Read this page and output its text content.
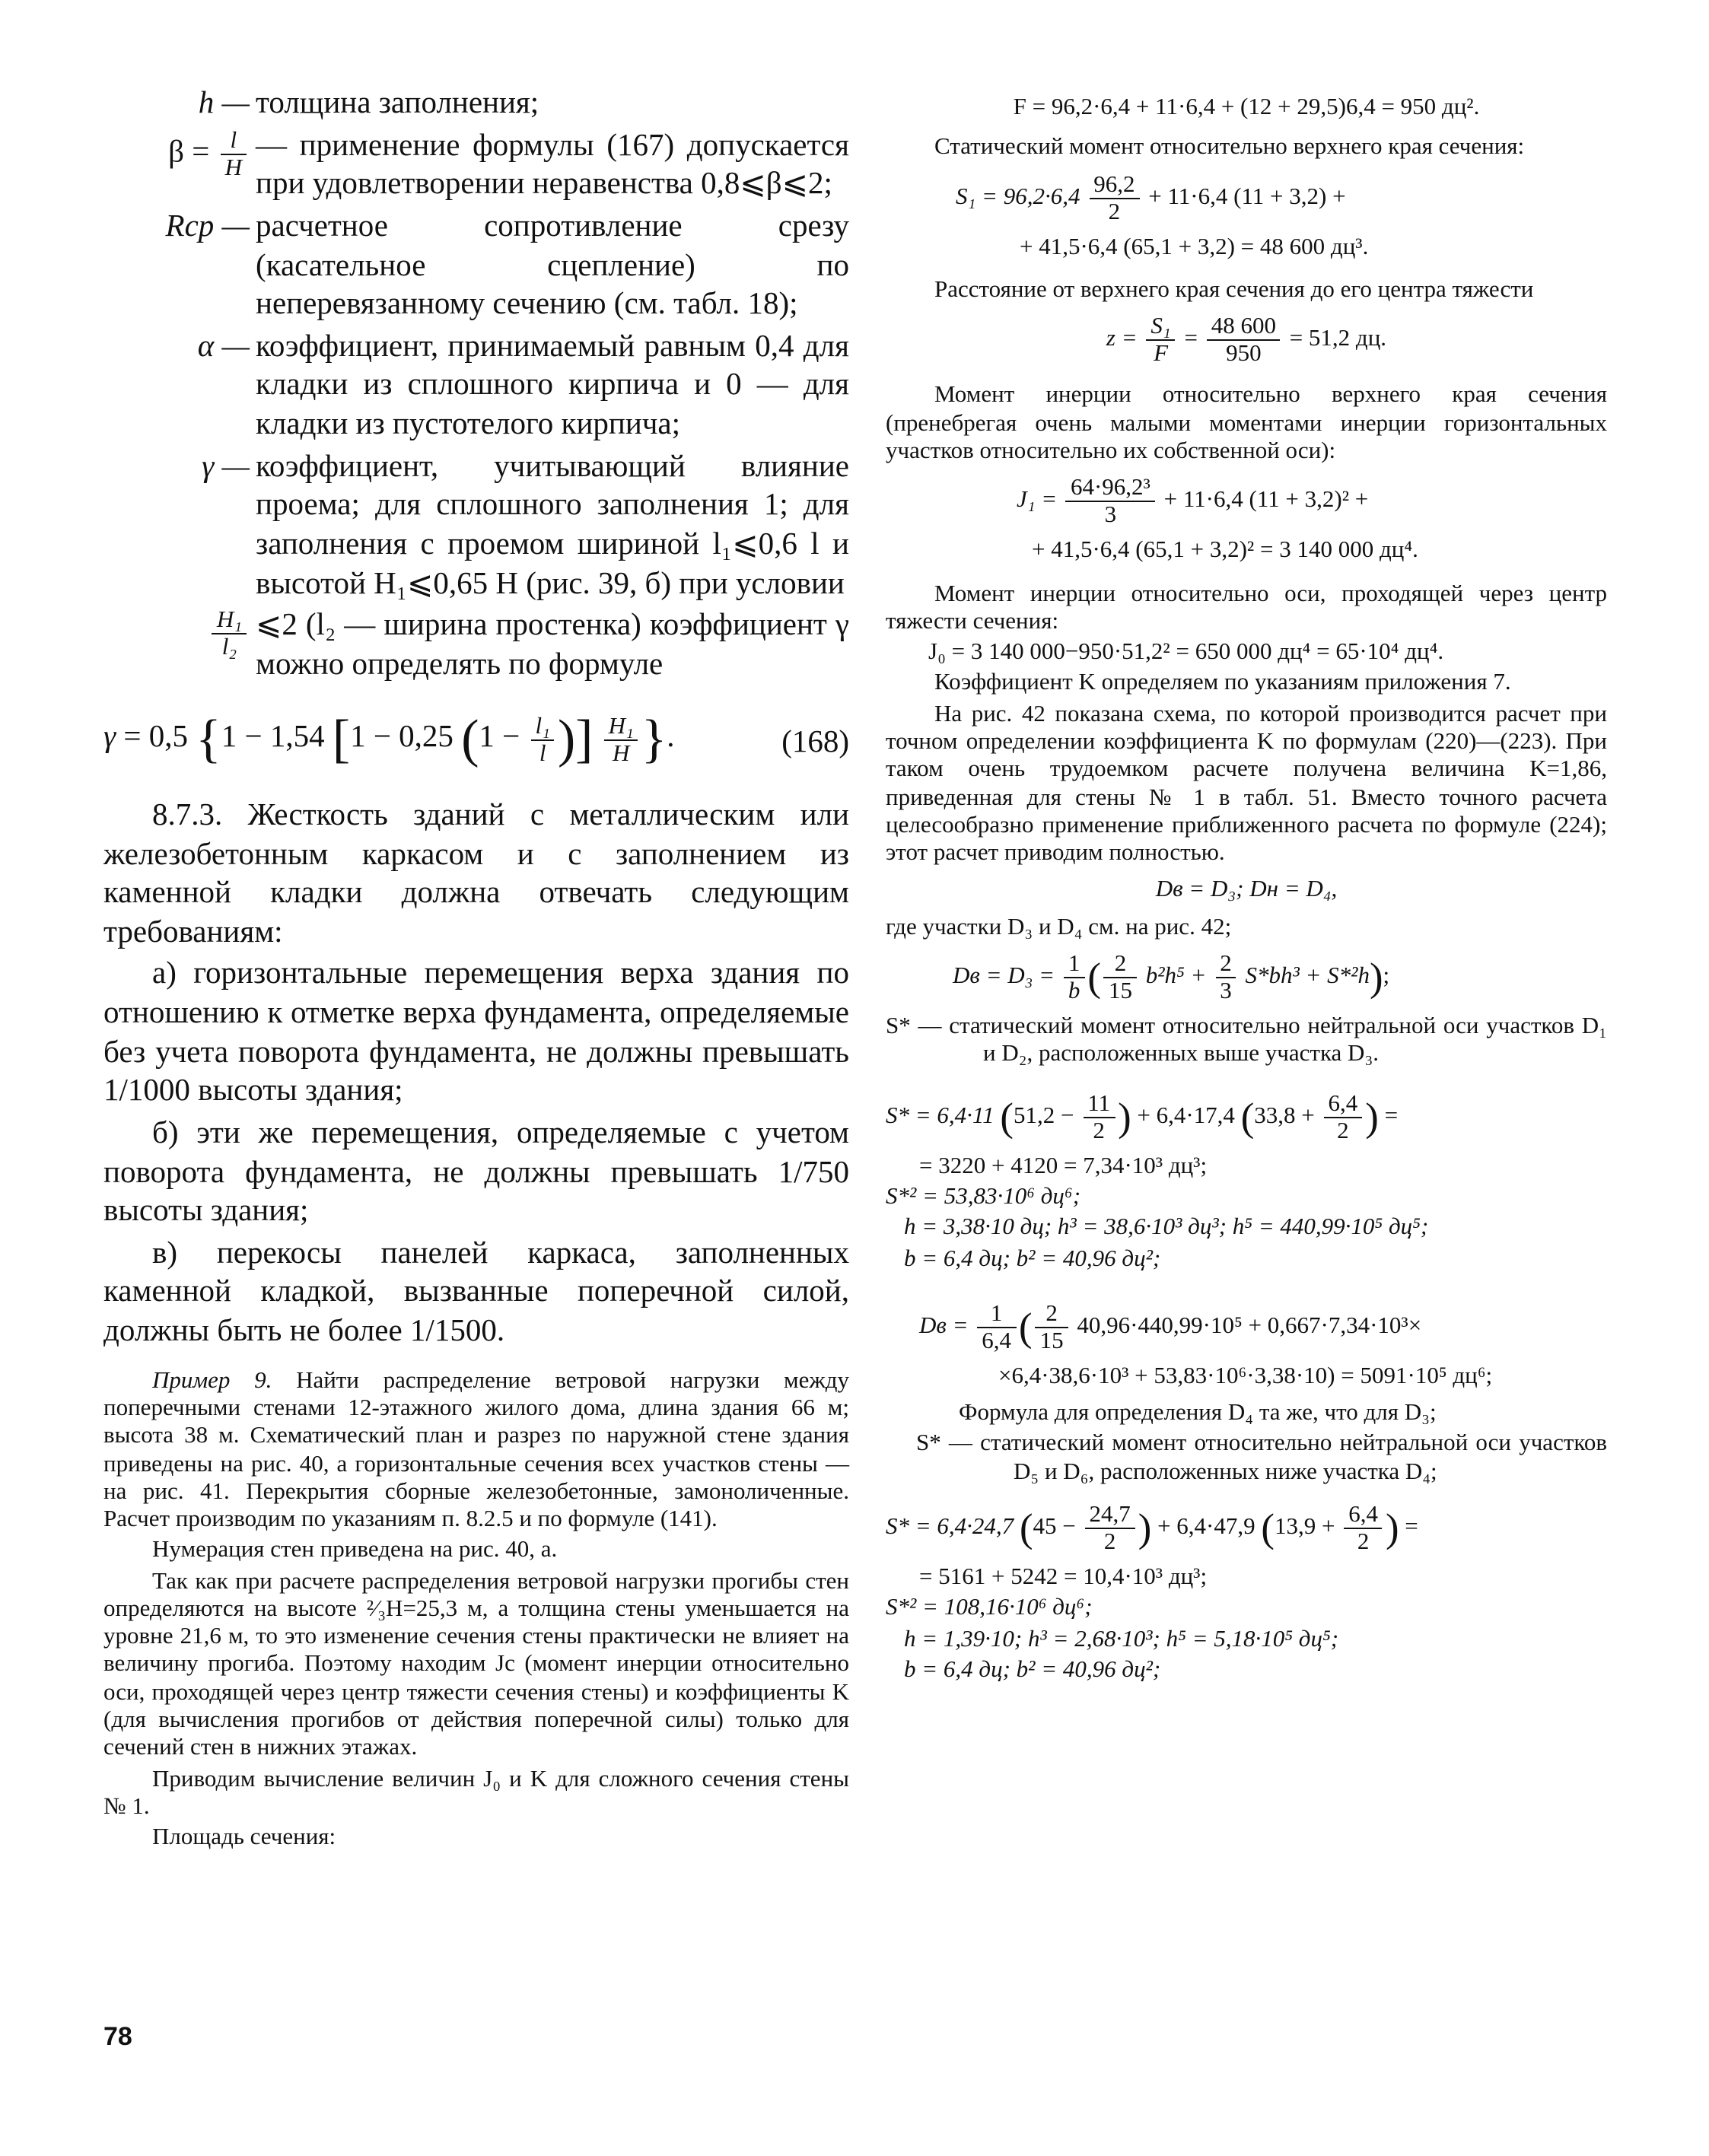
h — толщина заполнения;
$\beta = \frac{l}{H}$ — применение формулы (167) допускается при удовлетворении неравенства 0,8⩽β⩽2;
Rср — расчетное сопротивление срезу (касательное сцепление) по неперевязанному сечению (см. табл. 18);
α — коэффициент, принимаемый равным 0,4 для кладки из сплошного кирпича и 0 — для кладки из пустотелого кирпича;
γ — коэффициент, учитывающий влияние проема; для сплошного заполнения 1; для заполнения с проемом шириной l₁⩽0,6 l и высотой H₁⩽0,65 H (рис. 39, б) при условии
$\frac{\text{H₁}}{\text{l₂}}$ ⩽2 (l₂ — ширина простенка) коэффициент γ можно определять по формуле
γ = 0,5 {1 − 1,54 [1 − 0,25 ($1 - \frac{\text{l₁}}{l}$ )] $\frac{\text{H₁}}{H}$ }.	(168)

8.7.3. Жесткость зданий с металлическим или железобетонным каркасом и с заполнением из каменной кладки должна отвечать следующим требованиям:

а) горизонтальные перемещения верха здания по отношению к отметке верха фундамента, определяемые без учета поворота фундамента, не должны превышать 1/1000 высоты здания;

б) эти же перемещения, определяемые с учетом поворота фундамента, не должны превышать 1/750 высоты здания;

в) перекосы панелей каркаса, заполненных каменной кладкой, вызванные поперечной силой, должны быть не более 1/1500.

Пример 9. Найти распределение ветровой нагрузки между поперечными стенами 12-этажного жилого дома, длина здания 66 м; высота 38 м. Схематический план и разрез по наружной стене здания приведены на рис. 40, а горизонтальные сечения всех участков стены — на рис. 41. Перекрытия сборные железобетонные, замоноличенные. Расчет производим по указаниям п. 8.2.5 и по формуле (141).

Нумерация стен приведена на рис. 40, а.

Так как при расчете распределения ветровой нагрузки прогибы стен определяются на высоте ²⁄₃H=25,3 м, а толщина стены уменьшается на уровне 21,6 м, то это изменение сечения стены практически не влияет на величину прогиба. Поэтому находим Jс (момент инерции относительно оси, проходящей через центр тяжести сечения стены) и коэффициенты K (для вычисления прогибов от действия поперечной силы) только для сечений стен в нижних этажах.

Приводим вычисление величин J₀ и K для сложного сечения стены № 1.

Площадь сечения:

F = 96,2·6,4 + 11·6,4 + (12 + 29,5)6,4 = 950 дц².

Статический момент относительно верхнего края сечения:

$S_1 = 96,2\cdot 6,4 \frac{96,2}{2} + 11\cdot 6,4$ (11 + 3,2) +
+ 41,5·6,4 (65,1 + 3,2) = 48 600 дц³.

Расстояние от верхнего края сечения до его центра тяжести

$z = \frac{\text{S₁}}{F} = \frac{48 600}{950} = 51,2$ дц.

Момент инерции относительно верхнего края сечения (пренебрегая очень малыми моментами инерции горизонтальных участков относительно их собственной оси):

$J_1 = \frac{\text{64·96,2³}}{3} + 11\cdot 6,4$ (11 + 3,2)² +
+ 41,5·6,4 (65,1 + 3,2)² = 3 140 000 дц⁴.

Момент инерции относительно оси, проходящей через центр тяжести сечения:

J₀ = 3 140 000−950·51,2² = 650 000 дц⁴ = 65·10⁴ дц⁴.

Коэффициент K определяем по указаниям приложения 7.

На рис. 42 показана схема, по которой производится расчет при точном определении коэффициента K по формулам (220)—(223). При таком очень трудоемком расчете получена величина K=1,86, приведенная для стены № 1 в табл. 51. Вместо точного расчета целесообразно применение приближенного расчета по формуле (224); этот расчет приводим полностью.

Dв = D₃; Dн = D₄,

где участки D₃ и D₄ см. на рис. 42;

Dв = $D_3 = \frac{1}{b}$ ( $\frac{2}{15} b^2h^5 + \frac{2}{3} S*bh^3 + S*^2h$);

S* — статический момент относительно нейтральной оси участков D₁ и D₂, расположенных выше участка D₃.

S* = 6,4·11 ($51,2 - \frac{11}{2}$ ) + 6,4·17,4 ($33,8 + \frac{6,4}{2}$ ) =

= 3220 + 4120 = 7,34·10³ дц³;

S*² = 53,83·10⁶ дц⁶;

h = 3,38·10 дц; h³ = 38,6·10³ дц³; h⁵ = 440,99·10⁵ дц⁵;

b = 6,4 дц; b² = 40,96 дц²;

Dв = $\frac{1}{6,4}$ ( $\frac{2}{15} 40,96\cdot 440,99\cdot 10^5 + 0,667\cdot 7,34\cdot 10^3\times$
×6,4·38,6·10³ + 53,83·10⁶·3,38·10) = 5091·10⁵ дц⁶;

Формула для определения D₄ та же, что для D₃;

S* — статический момент относительно нейтральной оси участков D₅ и D₆, расположенных ниже участка D₄;

S* = 6,4·24,7 ($45 - \frac{24,7}{2}$ ) + 6,4·47,9 ($13,9 + \frac{6,4}{2}$ ) =

= 5161 + 5242 = 10,4·10³ дц³;

S*² = 108,16·10⁶ дц⁶;

h = 1,39·10; h³ = 2,68·10³; h⁵ = 5,18·10⁵ дц⁵;

b = 6,4 дц; b² = 40,96 дц²;

78
